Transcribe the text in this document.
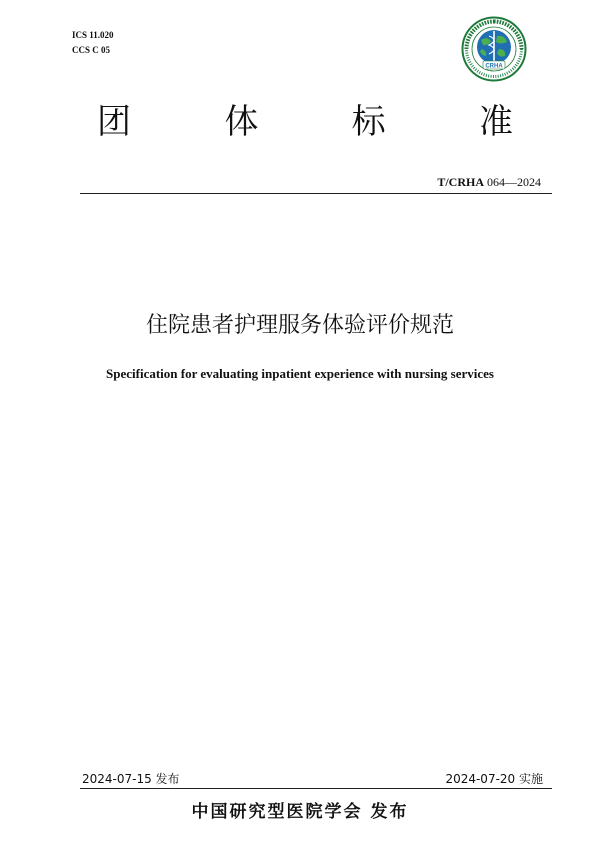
ICS 11.020
CCS C 05
CRHA
团	体	标	准
T/CRHA 064—2024
住院患者护理服务体验评价规范
Specification for evaluating inpatient experience with nursing services
2024-07-15 发布	2024-07-20 实施
中国研究型医院学会 发布
